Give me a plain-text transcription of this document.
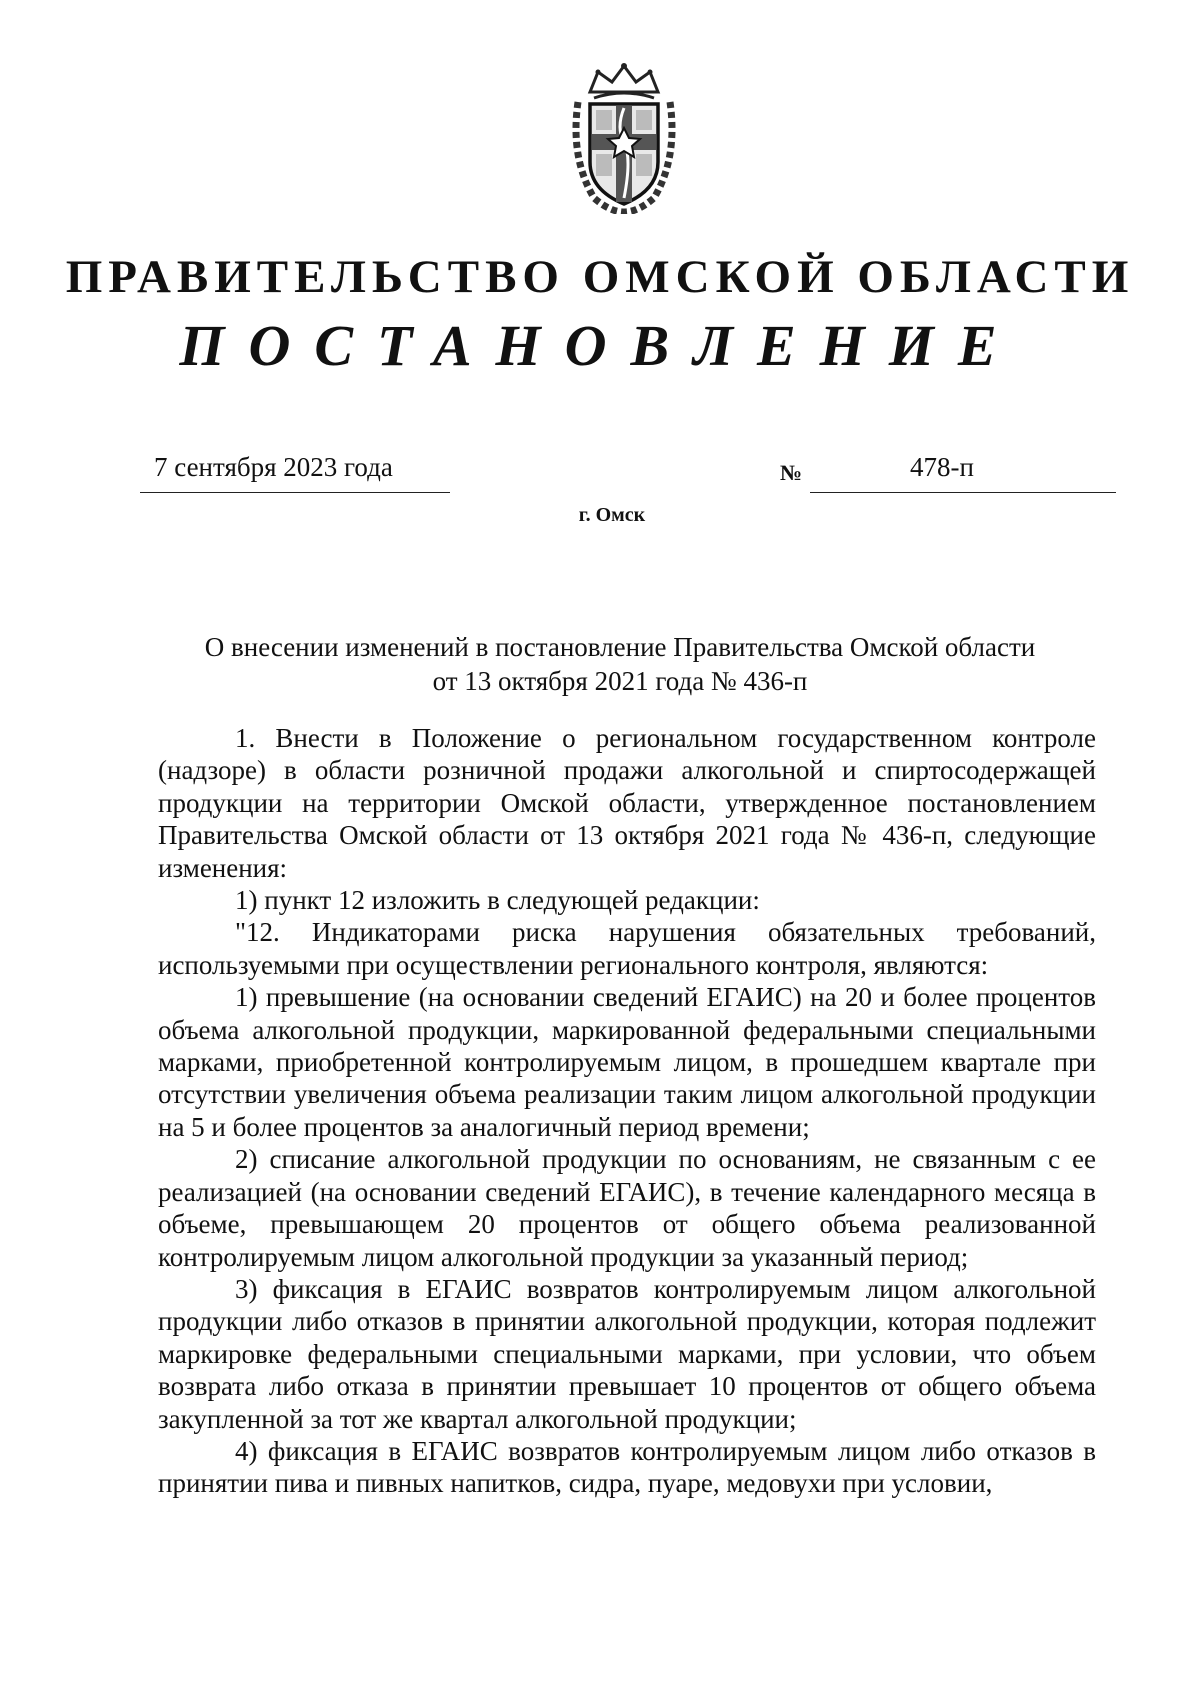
ПРАВИТЕЛЬСТВО ОМСКОЙ ОБЛАСТИ
ПОСТАНОВЛЕНИЕ
7 сентября 2023 года	№	478-п
г. Омск
О внесении изменений в постановление Правительства Омской области
от 13 октября 2021 года № 436-п

1. Внести в Положение о региональном государственном контроле (надзоре) в области розничной продажи алкогольной и спиртосодержащей продукции на территории Омской области, утвержденное постановлением Правительства Омской области от 13 октября 2021 года № 436-п, следующие изменения:

1) пункт 12 изложить в следующей редакции:

"12. Индикаторами риска нарушения обязательных требований, используемыми при осуществлении регионального контроля, являются:

1) превышение (на основании сведений ЕГАИС) на 20 и более процентов объема алкогольной продукции, маркированной федеральными специальными марками, приобретенной контролируемым лицом, в прошедшем квартале при отсутствии увеличения объема реализации таким лицом алкогольной продукции на 5 и более процентов за аналогичный период времени;

2) списание алкогольной продукции по основаниям, не связанным с ее реализацией (на основании сведений ЕГАИС), в течение календарного месяца в объеме, превышающем 20 процентов от общего объема реализованной контролируемым лицом алкогольной продукции за указанный период;

3) фиксация в ЕГАИС возвратов контролируемым лицом алкогольной продукции либо отказов в принятии алкогольной продукции, которая подлежит маркировке федеральными специальными марками, при условии, что объем возврата либо отказа в принятии превышает 10 процентов от общего объема закупленной за тот же квартал алкогольной продукции;

4) фиксация в ЕГАИС возвратов контролируемым лицом либо отказов в принятии пива и пивных напитков, сидра, пуаре, медовухи при условии,
